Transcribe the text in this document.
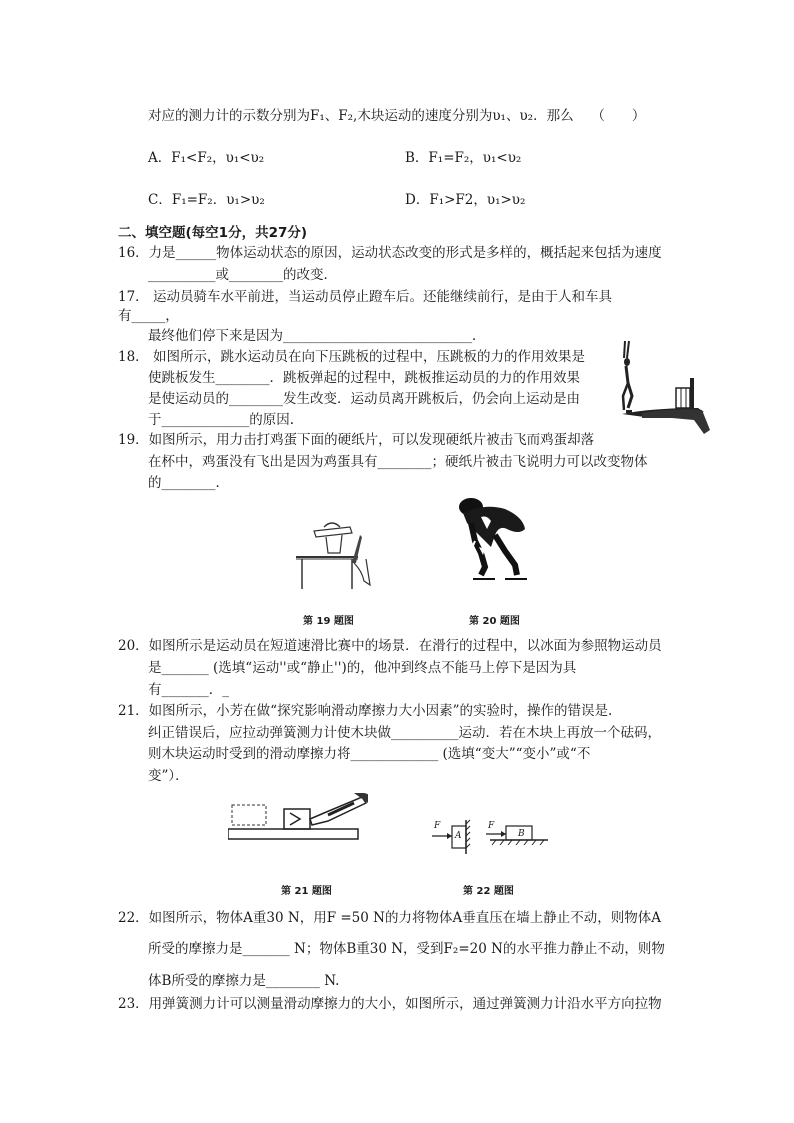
对应的测力计的示数分别为F₁、F₂,木块运动的速度分别为υ₁、υ₂．那么　 （　　）
A．F₁<F₂，υ₁<υ₂	B．F₁=F₂，υ₁<υ₂
C．F₁=F₂．υ₁>υ₂	D．F₁>F2，υ₁>υ₂
二、填空题(每空1分，共27分)
16．力是______物体运动状态的原因，运动状态改变的形式是多样的，概括起来包括为速度
__________或________的改变．
17． 运动员骑车水平前进，当运动员停止蹬车后。还能继续前行，是由于人和车具
有_____，
最终他们停下来是因为____________________________．
18． 如图所示，跳水运动员在向下压跳板的过程中，压跳板的力的作用效果是
使跳板发生________．跳板弹起的过程中，跳板推运动员的力的作用效果
是使运动员的________发生改变．运动员离开跳板后，仍会向上运动是由
于_____________的原因.
19．如图所示，用力击打鸡蛋下面的硬纸片，可以发现硬纸片被击飞而鸡蛋却落
在杯中，鸡蛋没有飞出是因为鸡蛋具有________；硬纸片被击飞说明力可以改变物体
的________．
第 19 题图	第 20 题图
20．如图所示是运动员在短道速滑比赛中的场景．在滑行的过程中，以冰面为参照物运动员
是_______ (选填“运动''或“静止'')的，他冲到终点不能马上停下是因为具
有_______．_
21．如图所示，小芳在做“探究影响滑动摩擦力大小因素”的实验时，操作的错误是.
纠正错误后，应拉动弹簧测力计使木块做__________运动．若在木块上再放一个砝码，
则木块运动时受到的滑动摩擦力将_____________ (选填“变大”“变小”或“不
变”）．
第 21 题图
F
A
F
B
第 22 题图
22．如图所示，物体A重30 N，用F =50 N的力将物体A垂直压在墙上静止不动，则物体A
所受的摩擦力是_______ N；物体B重30 N，受到F₂=20 N的水平推力静止不动，则物
体B所受的摩擦力是________ N.
23．用弹簧测力计可以测量滑动摩擦力的大小，如图所示，通过弹簧测力计沿水平方向拉物
